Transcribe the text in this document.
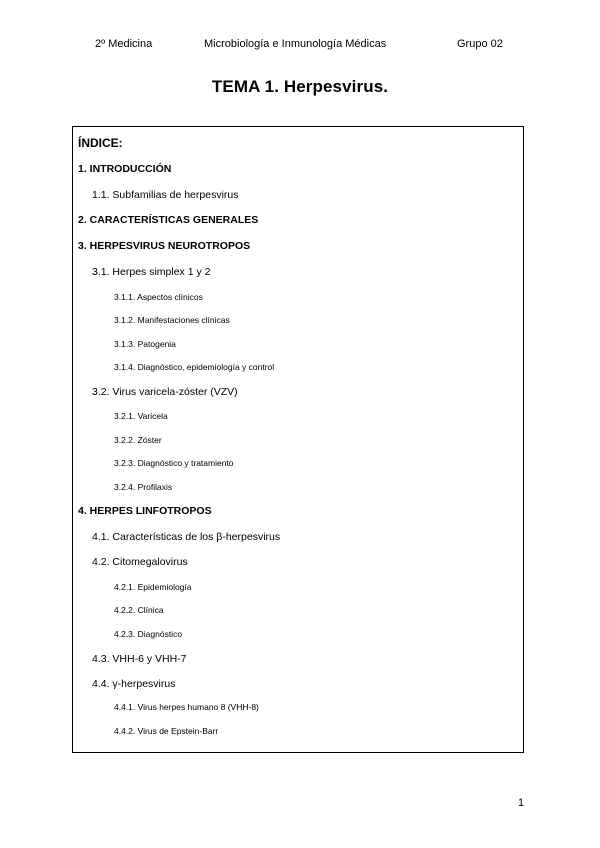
2º Medicina	Microbiología e Inmunología Médicas	Grupo 02
TEMA 1. Herpesvirus.
ÍNDICE:
1. INTRODUCCIÓN
1.1. Subfamilias de herpesvirus
2. CARACTERÍSTICAS GENERALES
3. HERPESVIRUS NEUROTROPOS
3.1. Herpes simplex 1 y 2
3.1.1. Aspectos clínicos
3.1.2. Manifestaciones clínicas
3.1.3. Patogenia
3.1.4. Diagnóstico, epidemiología y control
3.2. Virus varicela-zóster (VZV)
3.2.1. Varicela
3.2.2. Zóster
3.2.3. Diagnóstico y tratamiento
3.2.4. Profilaxis
4. HERPES LINFOTROPOS
4.1. Características de los β-herpesvirus
4.2. Citomegalovirus
4.2.1. Epidemiología
4.2.2. Clínica
4.2.3. Diagnóstico
4.3. VHH-6 y VHH-7
4.4. γ-herpesvirus
4.4.1. Virus herpes humano 8 (VHH-8)
4.4.2. Virus de Epstein-Barr
1
